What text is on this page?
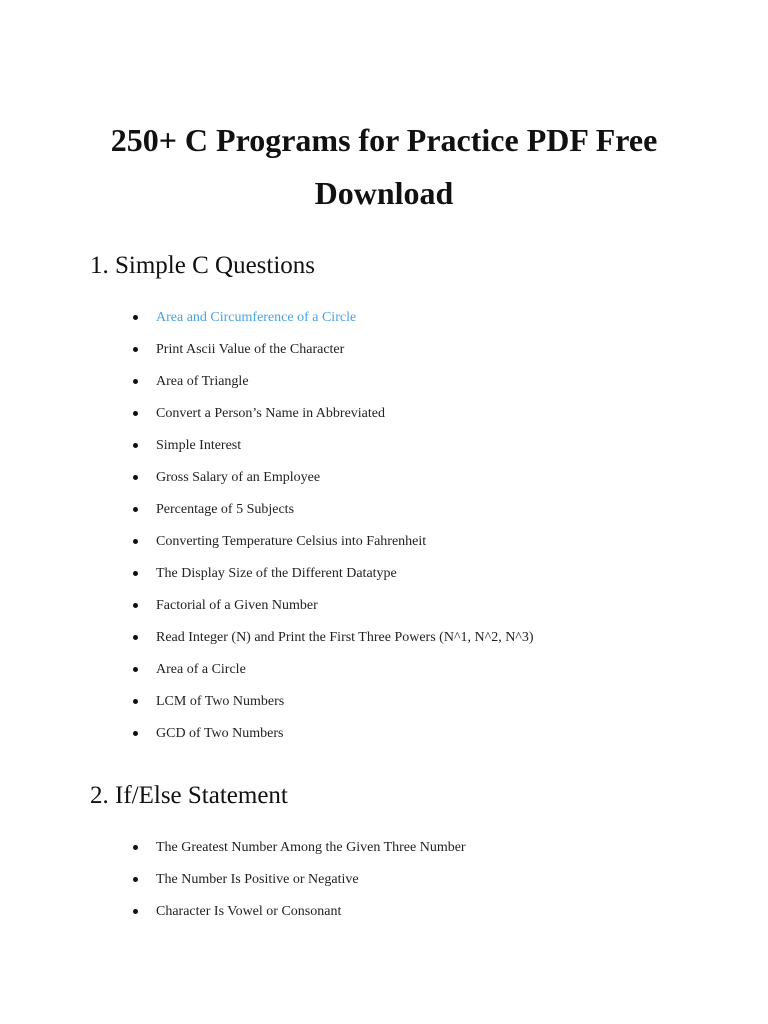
250+ C Programs for Practice PDF Free Download
1. Simple C Questions
Area and Circumference of a Circle
Print Ascii Value of the Character
Area of Triangle
Convert a Person’s Name in Abbreviated
Simple Interest
Gross Salary of an Employee
Percentage of 5 Subjects
Converting Temperature Celsius into Fahrenheit
The Display Size of the Different Datatype
Factorial of a Given Number
Read Integer (N) and Print the First Three Powers (N^1, N^2, N^3)
Area of a Circle
LCM of Two Numbers
GCD of Two Numbers
2. If/Else Statement
The Greatest Number Among the Given Three Number
The Number Is Positive or Negative
Character Is Vowel or Consonant
